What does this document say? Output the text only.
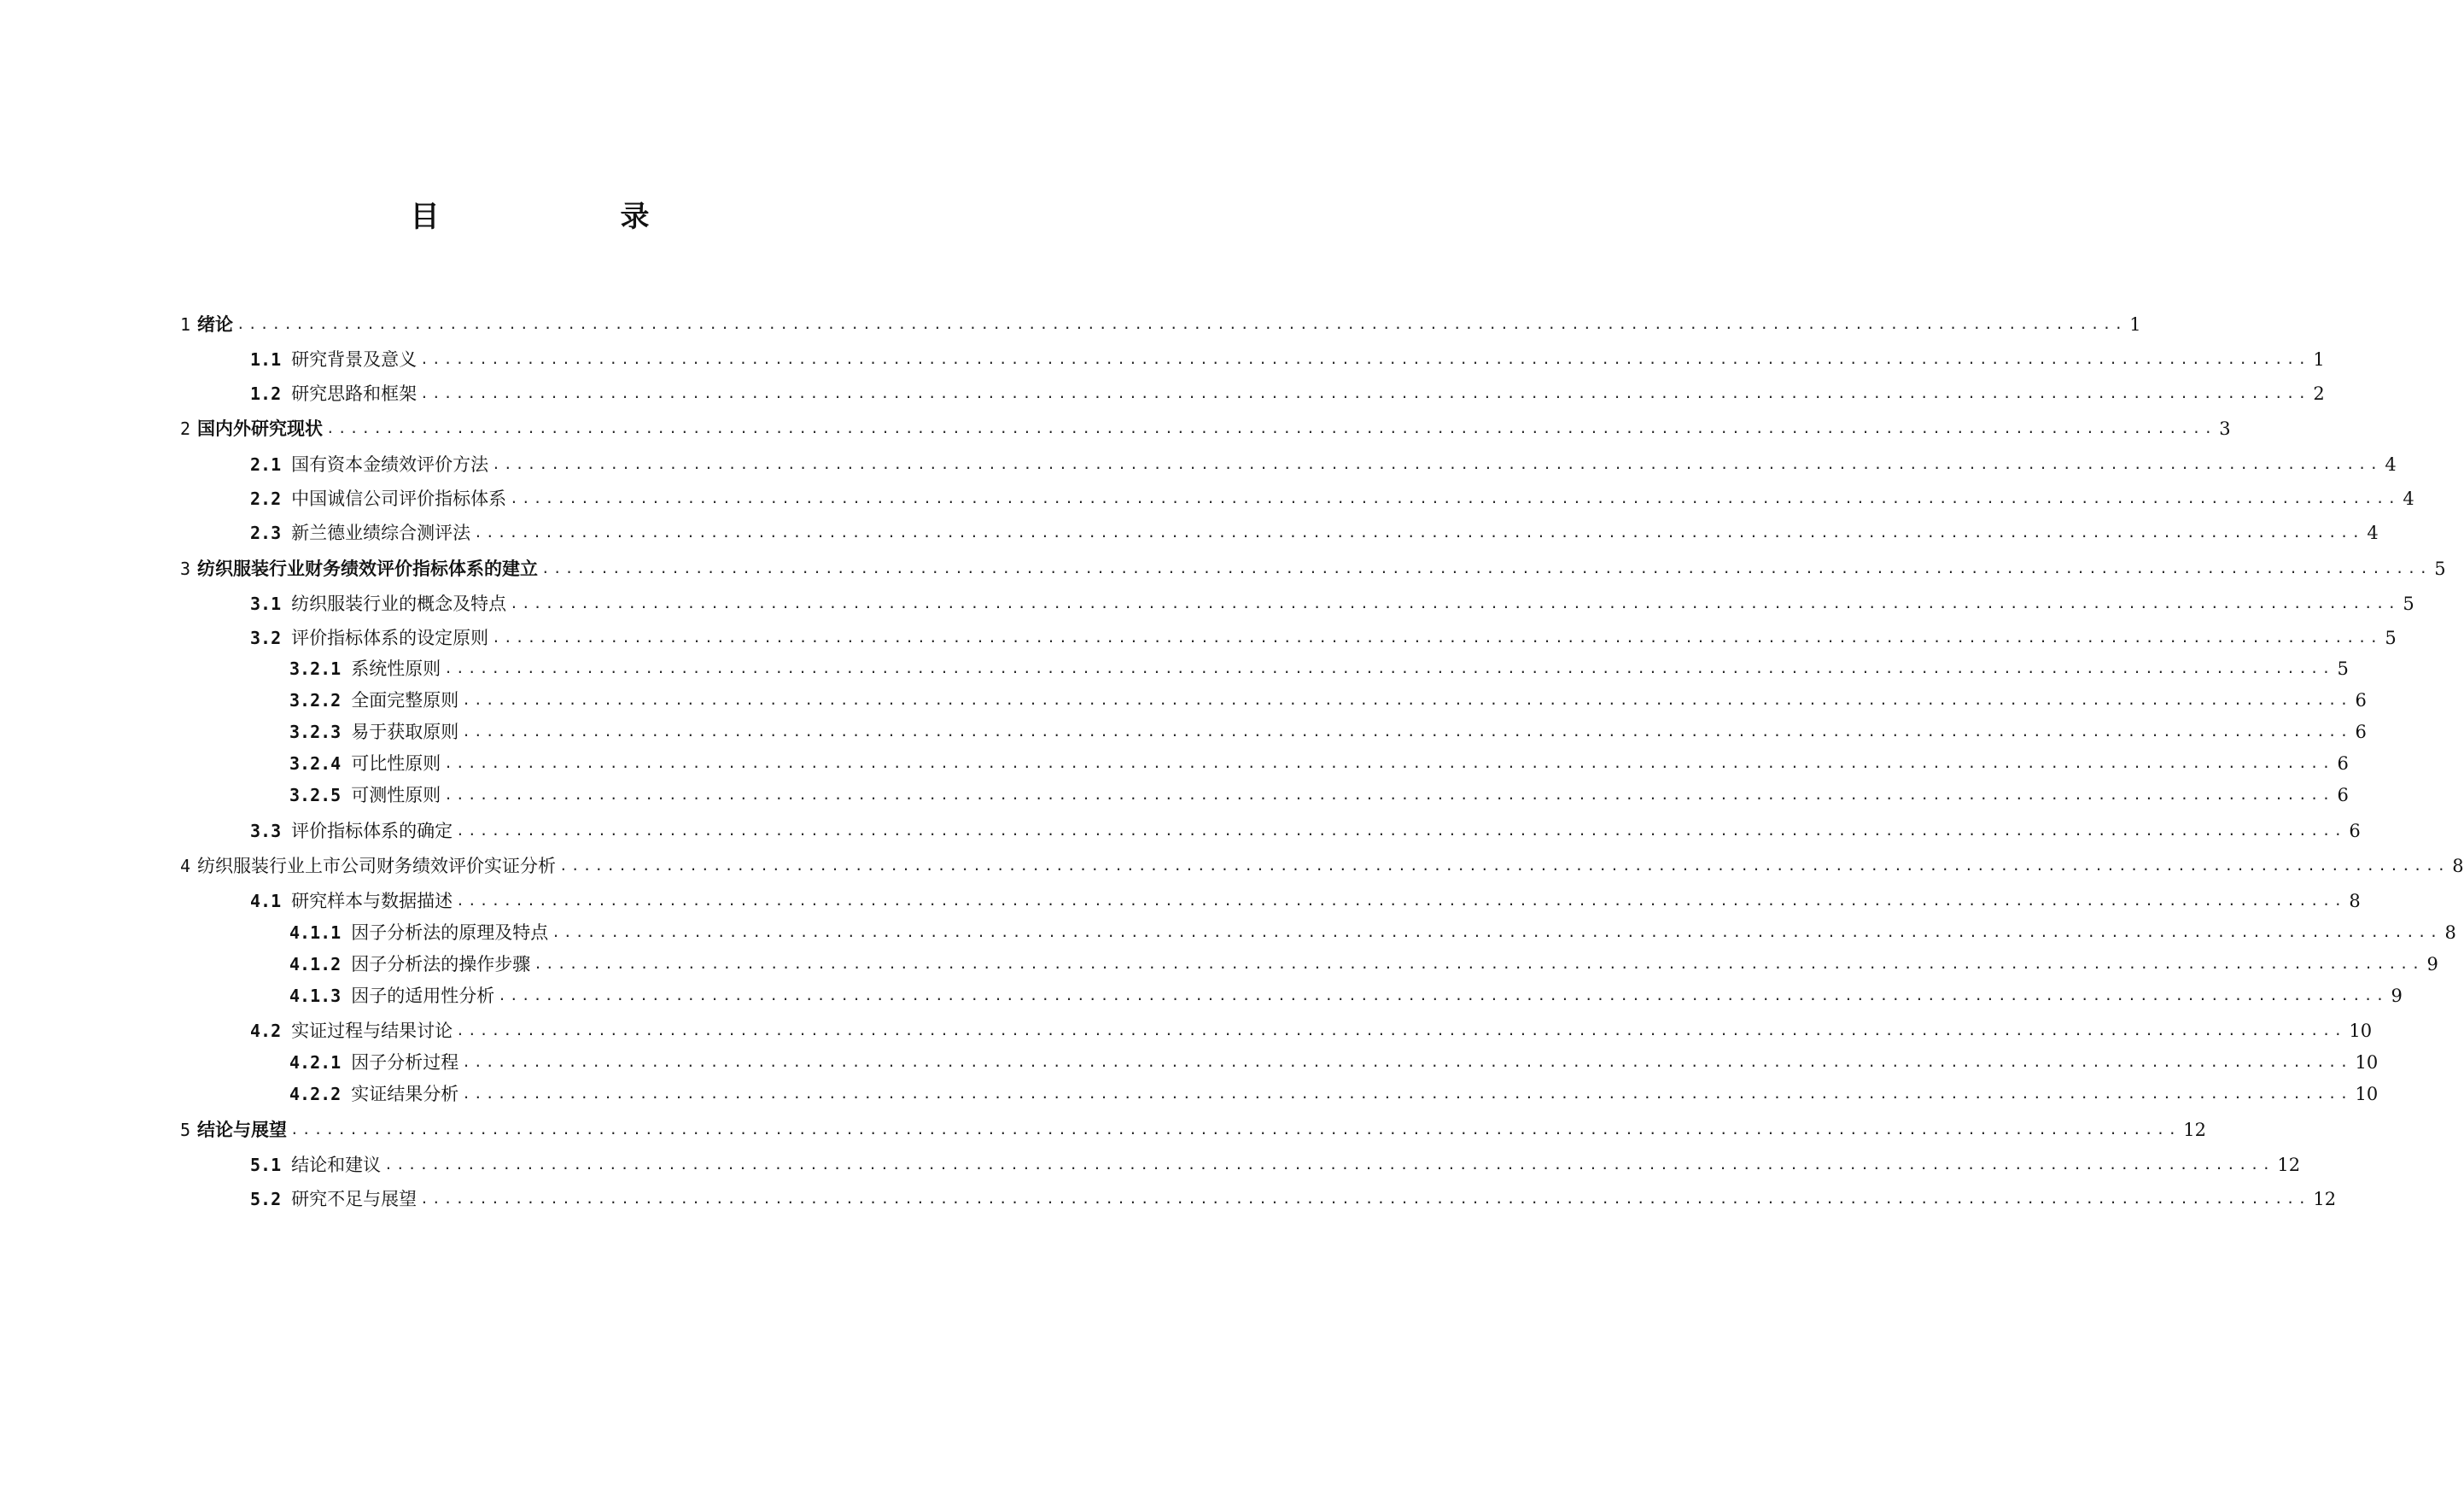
目　　录
1 绪论 ................................................................................................................................................................ 1
1.1 研究背景及意义 ................................................................................................................................................................ 1
1.2 研究思路和框架 ................................................................................................................................................................ 2
2 国内外研究现状 ................................................................................................................................................................ 3
2.1 国有资本金绩效评价方法 ................................................................................................................................................................ 4
2.2 中国诚信公司评价指标体系 ................................................................................................................................................................ 4
2.3 新兰德业绩综合测评法 ................................................................................................................................................................ 4
3 纺织服装行业财务绩效评价指标体系的建立 ................................................................................................................................................................ 5
3.1 纺织服装行业的概念及特点 ................................................................................................................................................................ 5
3.2 评价指标体系的设定原则 ................................................................................................................................................................ 5
3.2.1 系统性原则 ................................................................................................................................................................ 5
3.2.2 全面完整原则 ................................................................................................................................................................ 6
3.2.3 易于获取原则 ................................................................................................................................................................ 6
3.2.4 可比性原则 ................................................................................................................................................................ 6
3.2.5 可测性原则 ................................................................................................................................................................ 6
3.3 评价指标体系的确定 ................................................................................................................................................................ 6
4 纺织服装行业上市公司财务绩效评价实证分析 ................................................................................................................................................................ 8
4.1 研究样本与数据描述 ................................................................................................................................................................ 8
4.1.1 因子分析法的原理及特点 ................................................................................................................................................................ 8
4.1.2 因子分析法的操作步骤 ................................................................................................................................................................ 9
4.1.3 因子的适用性分析 ................................................................................................................................................................ 9
4.2 实证过程与结果讨论 ................................................................................................................................................................ 10
4.2.1 因子分析过程 ................................................................................................................................................................ 10
4.2.2 实证结果分析 ................................................................................................................................................................ 10
5 结论与展望 ................................................................................................................................................................ 12
5.1 结论和建议 ................................................................................................................................................................ 12
5.2 研究不足与展望 ................................................................................................................................................................ 12
